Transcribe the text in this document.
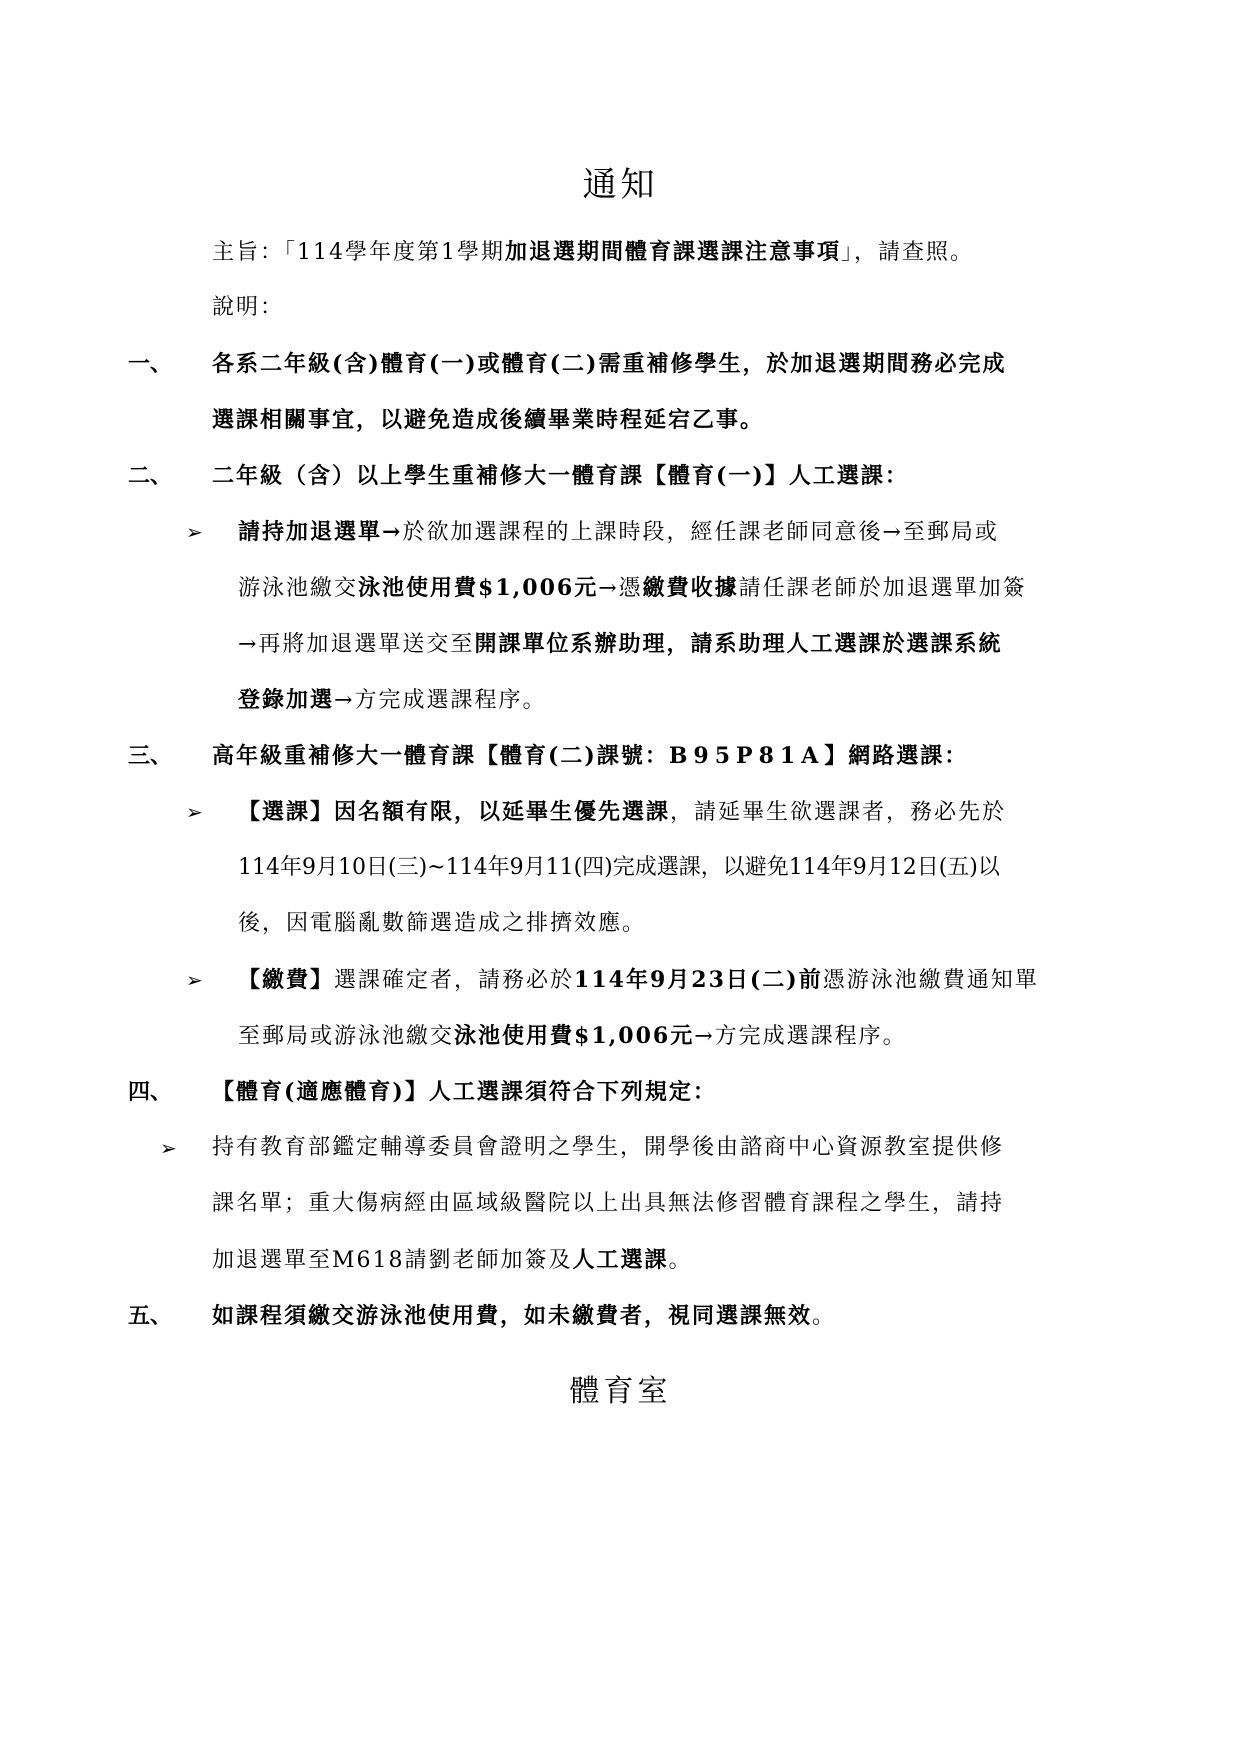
通知
主旨：「114學年度第1學期加退選期間體育課選課注意事項」，請查照。
說明：
一、 各系二年級(含)體育(一)或體育(二)需重補修學生，於加退選期間務必完成
選課相關事宜，以避免造成後續畢業時程延宕乙事。
二、 二年級（含）以上學生重補修大一體育課【體育(一)】人工選課：
➢ 請持加退選單→於欲加選課程的上課時段，經任課老師同意後→至郵局或
游泳池繳交泳池使用費$1,006元→憑繳費收據請任課老師於加退選單加簽
→再將加退選單送交至開課單位系辦助理，請系助理人工選課於選課系統
登錄加選→方完成選課程序。
三、 高年級重補修大一體育課【體育(二)課號：B95P81A】網路選課：
➢ 【選課】因名額有限，以延畢生優先選課，請延畢生欲選課者，務必先於
114年9月10日(三)~114年9月11(四)完成選課，以避免114年9月12日(五)以
後，因電腦亂數篩選造成之排擠效應。
➢ 【繳費】選課確定者，請務必於114年9月23日(二)前憑游泳池繳費通知單
至郵局或游泳池繳交泳池使用費$1,006元→方完成選課程序。
四、 【體育(適應體育)】人工選課須符合下列規定：
➢ 持有教育部鑑定輔導委員會證明之學生，開學後由諮商中心資源教室提供修
課名單；重大傷病經由區域級醫院以上出具無法修習體育課程之學生，請持
加退選單至M618請劉老師加簽及人工選課。
五、 如課程須繳交游泳池使用費，如未繳費者，視同選課無效。
體育室
